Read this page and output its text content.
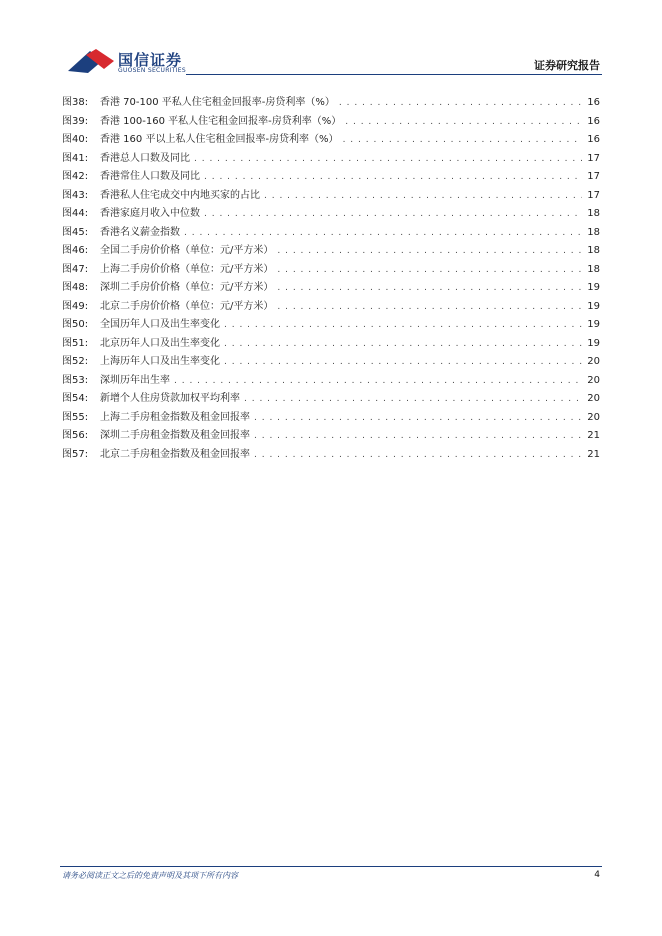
国信证券
GUOSEN SECURITIES	证券研究报告
图38:	香港 70-100 平私人住宅租金回报率-房贷利率（%） . . .	16
图39:	香港 100-160 平私人住宅租金回报率-房贷利率（%） . . .	16
图40:	香港 160 平以上私人住宅租金回报率-房贷利率（%） . . .	16
图41:	香港总人口数及同比 . . .	17
图42:	香港常住人口数及同比 . . .	17
图43:	香港私人住宅成交中内地买家的占比 . . .	17
图44:	香港家庭月收入中位数 . . .	18
图45:	香港名义薪金指数 . . .	18
图46:	全国二手房价价格（单位：元/平方米） . . .	18
图47:	上海二手房价价格（单位：元/平方米） . . .	18
图48:	深圳二手房价价格（单位：元/平方米） . . .	19
图49:	北京二手房价价格（单位：元/平方米） . . .	19
图50:	全国历年人口及出生率变化 . . .	19
图51:	北京历年人口及出生率变化 . . .	19
图52:	上海历年人口及出生率变化 . . .	20
图53:	深圳历年出生率 . . .	20
图54:	新增个人住房贷款加权平均利率 . . .	20
图55:	上海二手房租金指数及租金回报率 . . .	20
图56:	深圳二手房租金指数及租金回报率 . . .	21
图57:	北京二手房租金指数及租金回报率 . . .	21
请务必阅读正文之后的免责声明及其项下所有内容	4
